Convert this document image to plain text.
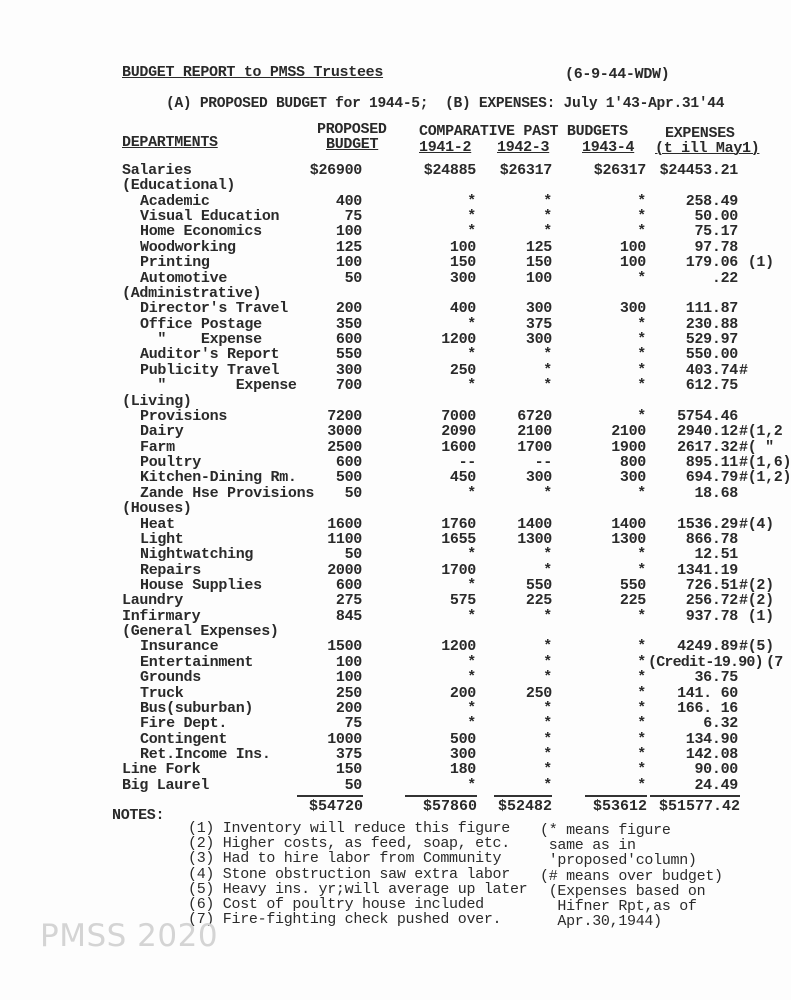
BUDGET REPORT to PMSS Trustees	(6-9-44-WDW)
(A) PROPOSED BUDGET for 1944-5;  (B) EXPENSES: July 1'43-Apr.31'44
DEPARTMENTS
PROPOSED
BUDGET
COMPARATIVE PAST BUDGETS
1941-2 1942-3 1943-4
EXPENSES
(t ill May1)
Salaries	$26900	$24885 $26317	$26317 $24453.21
(Educational)
Academic	400	*	*	*	258.49
Visual Education	75	*	*	*	50.00
Home Economics	100	*	*	*	75.17
Woodworking	125	100	125	100	97.78
Printing	100	150	150	100	179.06 (1)
Automotive	50	300	100	*	.22
(Administrative)
Director's Travel	200	400	300	300	111.87
Office Postage	350	*	375	*	230.88
"    Expense	600	1200	300	*	529.97
Auditor's Report	550	*	*	*	550.00
Publicity Travel	300	250	*	*	403.74 #
"        Expense	700	*	*	*	612.75
(Living)
Provisions	7200	7000	6720	* 5754.46
Dairy	3000	2090	2100	2100 2940.12 #(1,2
Farm	2500	1600	1700	1900 2617.32 #( "
Poultry	600	--	--	800	895.11 #(1,6)
Kitchen-Dining Rm.	500	450	300	300	694.79 #(1,2)
Zande Hse Provisions 50	*	*	*	18.68
(Houses)
Heat	1600	1760	1400	1400 1536.29 #(4)
Light	1100	1655	1300	1300	866.78
Nightwatching	50	*	*	*	12.51
Repairs	2000	1700	*	* 1341.19
House Supplies	600	*	550	550	726.51 #(2)
Laundry	275	575	225	225	256.72 #(2)
Infirmary	845	*	*	*	937.78 (1)
(General Expenses)
Insurance	1500	1200	*	* 4249.89 #(5)
Entertainment	100	*	*	* (Credit-19.90) (7
Grounds	100	*	*	*	36.75
Truck	250	200	250	* 141. 60
Bus(suburban)	200	*	*	* 166. 16
Fire Dept.	75	*	*	*	6.32
Contingent	1000	500	*	*	134.90
Ret.Income Ins.	375	300	*	*	142.08
Line Fork	150	180	*	*	90.00
Big Laurel	50	*	*	*	24.49
$54720	$57860 $52482	$53612 $51577.42
NOTES:
(1) Inventory will reduce this figure
(2) Higher costs, as feed, soap, etc.
(3) Had to hire labor from Community
(4) Stone obstruction saw extra labor
(5) Heavy ins. yr;will average up later
(6) Cost of poultry house included
(7) Fire-fighting check pushed over.
(* means figure
same as in
'proposed'column)
(# means over budget)
(Expenses based on
Hifner Rpt,as of
Apr.30,1944)
PMSS 2020
